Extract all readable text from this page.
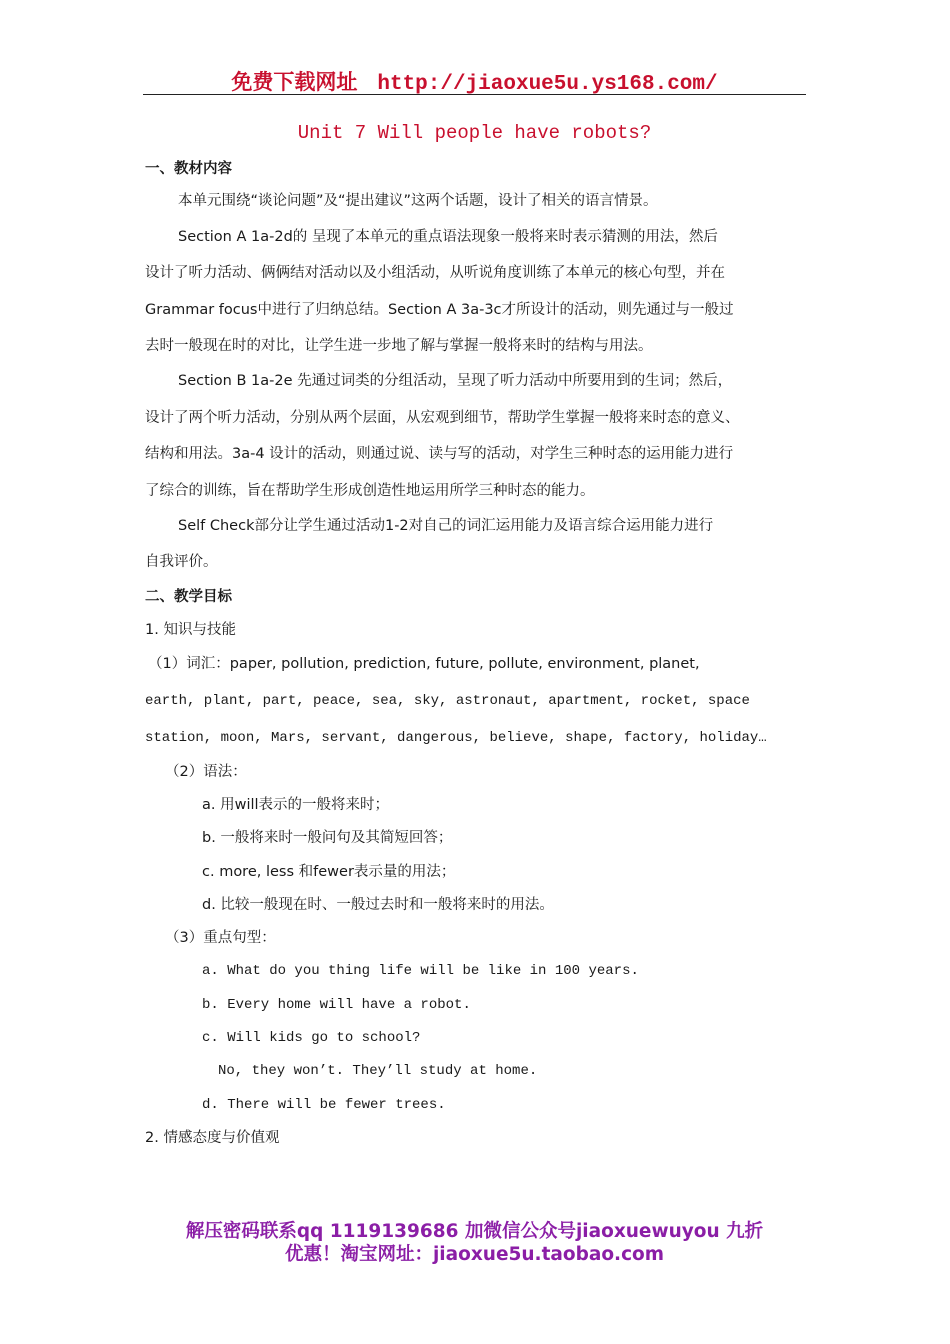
免费下载网址 http://jiaoxue5u.ys168.com/
Unit 7 Will people have robots?
一、教材内容
本单元围绕“谈论问题”及“提出建议”这两个话题，设计了相关的语言情景。
Section A 1a-2d的 呈现了本单元的重点语法现象一般将来时表示猜测的用法，然后
设计了听力活动、俩俩结对活动以及小组活动，从听说角度训练了本单元的核心句型，并在
Grammar focus中进行了归纳总结。Section A 3a-3c才所设计的活动，则先通过与一般过
去时一般现在时的对比，让学生进一步地了解与掌握一般将来时的结构与用法。
Section B 1a-2e 先通过词类的分组活动，呈现了听力活动中所要用到的生词；然后，
设计了两个听力活动，分别从两个层面，从宏观到细节，帮助学生掌握一般将来时态的意义、
结构和用法。3a-4 设计的活动，则通过说、读与写的活动，对学生三种时态的运用能力进行
了综合的训练，旨在帮助学生形成创造性地运用所学三种时态的能力。
Self Check部分让学生通过活动1-2对自己的词汇运用能力及语言综合运用能力进行
自我评价。
二、教学目标
1. 知识与技能
（1）词汇：paper, pollution, prediction, future, pollute, environment, planet,
earth, plant, part, peace, sea, sky, astronaut, apartment, rocket, space
station, moon, Mars, servant, dangerous, believe, shape, factory, holiday…
（2）语法：
a. 用will表示的一般将来时；
b. 一般将来时一般问句及其简短回答；
c. more, less 和fewer表示量的用法；
d. 比较一般现在时、一般过去时和一般将来时的用法。
（3）重点句型：
a. What do you thing life will be like in 100 years.
b. Every home will have a robot.
c. Will kids go to school?
No, they won’t. They’ll study at home.
d. There will be fewer trees.
2. 情感态度与价值观
解压密码联系qq 1119139686 加微信公众号jiaoxuewuyou 九折
优惠！淘宝网址：jiaoxue5u.taobao.com
